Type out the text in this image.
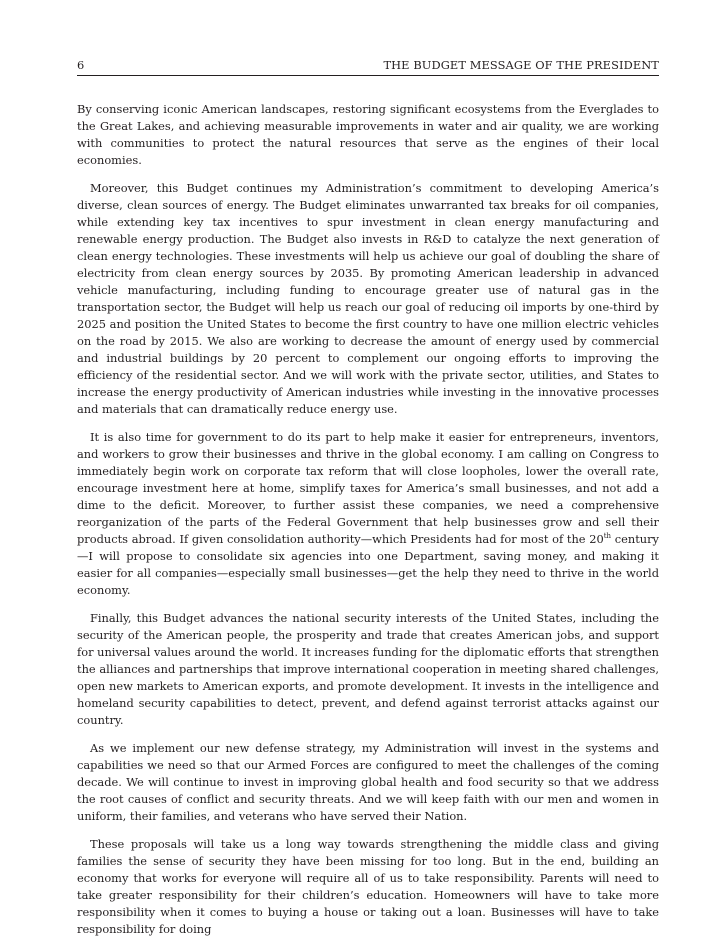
6	THE BUDGET MESSAGE OF THE PRESIDENT

By conserving iconic American landscapes, restoring significant ecosystems from the Everglades to the Great Lakes, and achieving measurable improvements in water and air quality, we are working with communities to protect the natural resources that serve as the engines of their local economies.

Moreover, this Budget continues my Administration’s commitment to developing America’s diverse, clean sources of energy. The Budget eliminates unwarranted tax breaks for oil companies, while extending key tax incentives to spur investment in clean energy manufacturing and renewable energy production. The Budget also invests in R&D to catalyze the next generation of clean energy technologies. These investments will help us achieve our goal of doubling the share of electricity from clean energy sources by 2035. By promoting American leadership in advanced vehicle manufacturing, including funding to encourage greater use of natural gas in the transportation sector, the Budget will help us reach our goal of reducing oil imports by one-third by 2025 and position the United States to become the first country to have one million electric vehicles on the road by 2015. We also are working to decrease the amount of energy used by commercial and industrial buildings by 20 percent to complement our ongoing efforts to improving the efficiency of the residential sector. And we will work with the private sector, utilities, and States to increase the energy productivity of American industries while investing in the innovative processes and materials that can dramatically reduce energy use.

It is also time for government to do its part to help make it easier for entrepreneurs, inventors, and workers to grow their businesses and thrive in the global economy. I am calling on Congress to immediately begin work on corporate tax reform that will close loopholes, lower the overall rate, encourage investment here at home, simplify taxes for America’s small businesses, and not add a dime to the deficit. Moreover, to further assist these companies, we need a comprehensive reorganization of the parts of the Federal Government that help businesses grow and sell their products abroad. If given consolidation authority—which Presidents had for most of the 20th century—I will propose to consolidate six agencies into one Department, saving money, and making it easier for all companies—especially small businesses—get the help they need to thrive in the world economy.

Finally, this Budget advances the national security interests of the United States, including the security of the American people, the prosperity and trade that creates American jobs, and support for universal values around the world. It increases funding for the diplomatic efforts that strengthen the alliances and partnerships that improve international cooperation in meeting shared challenges, open new markets to American exports, and promote development. It invests in the intelligence and homeland security capabilities to detect, prevent, and defend against terrorist attacks against our country.

As we implement our new defense strategy, my Administration will invest in the systems and capabilities we need so that our Armed Forces are configured to meet the challenges of the coming decade. We will continue to invest in improving global health and food security so that we address the root causes of conflict and security threats. And we will keep faith with our men and women in uniform, their families, and veterans who have served their Nation.

These proposals will take us a long way towards strengthening the middle class and giving families the sense of security they have been missing for too long. But in the end, building an economy that works for everyone will require all of us to take responsibility. Parents will need to take greater responsibility for their children’s education. Homeowners will have to take more responsibility when it comes to buying a house or taking out a loan. Businesses will have to take responsibility for doing
